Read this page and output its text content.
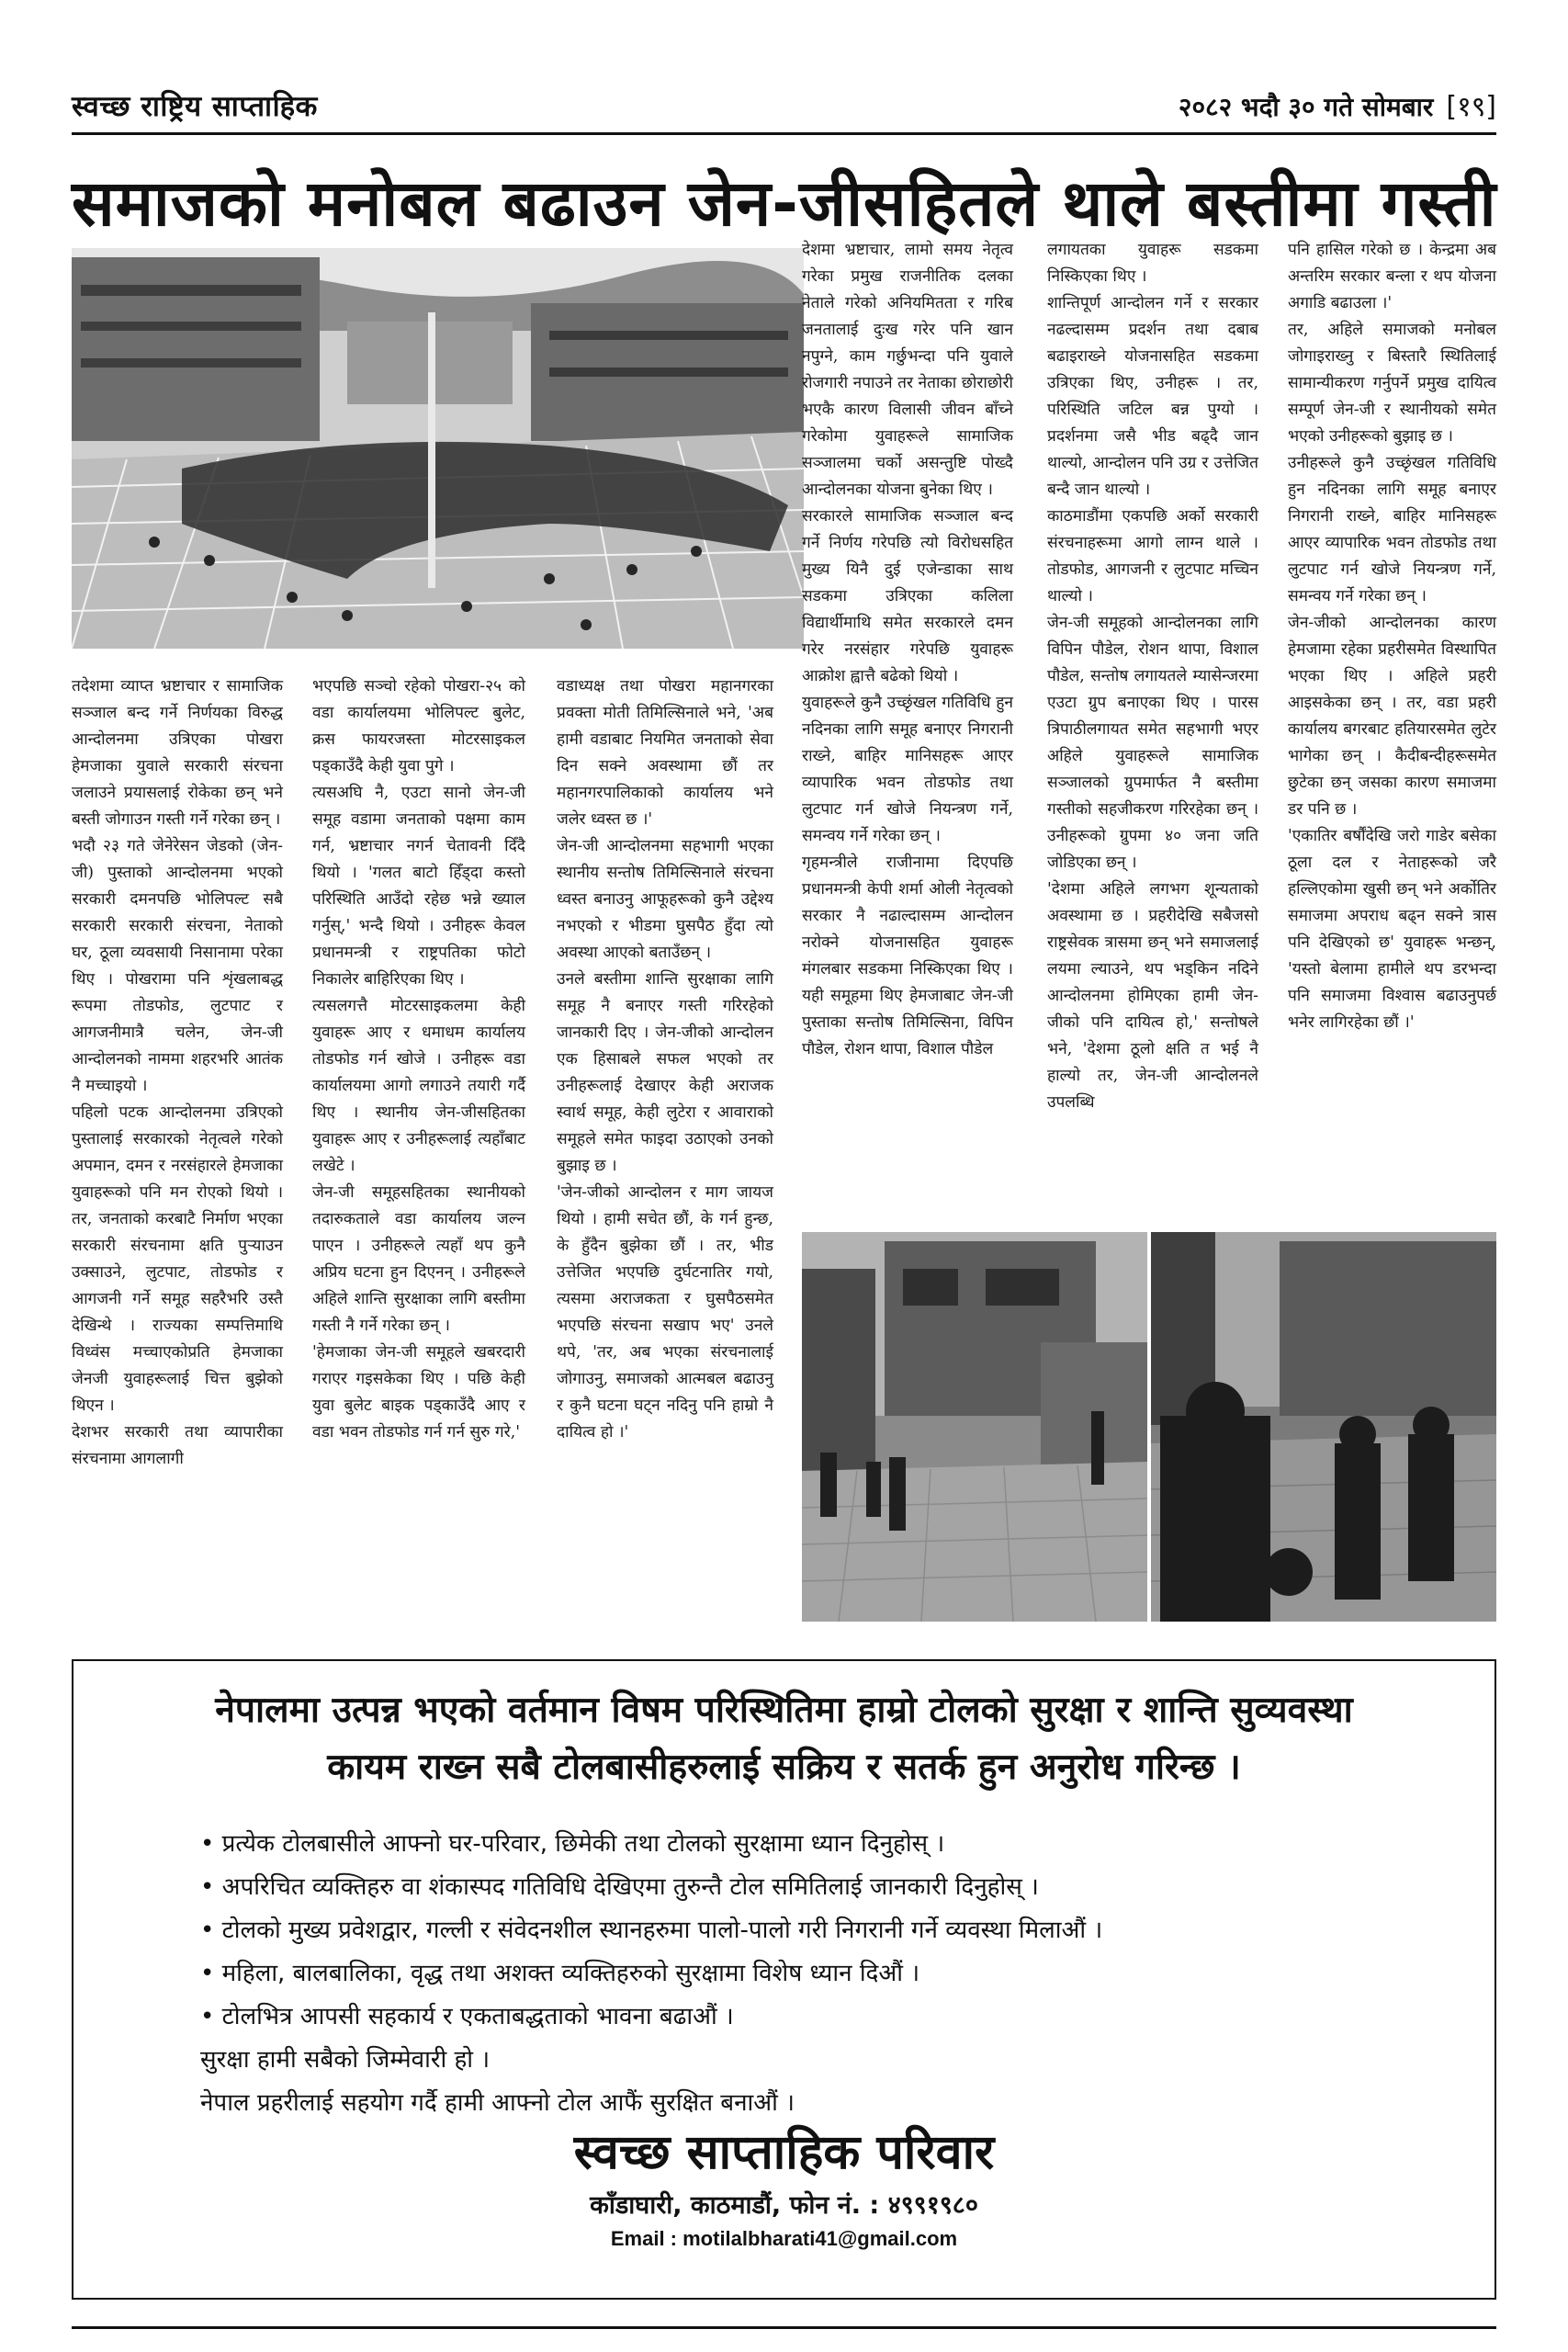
स्वच्छ राष्ट्रिय साप्ताहिक	२०८२ भदौ ३० गते सोमबार [१९]
समाजको मनोबल बढाउन जेन-जीसहितले थाले बस्तीमा गस्ती
तदेशमा व्याप्त भ्रष्टाचार र सामाजिक सञ्जाल बन्द गर्ने निर्णयका विरुद्ध आन्दोलनमा उत्रिएका पोखरा हेमजाका युवाले सरकारी संरचना जलाउने प्रयासलाई रोकेका छन् भने बस्ती जोगाउन गस्ती गर्ने गरेका छन् ।
भदौ २३ गते जेनेरेसन जेडको (जेन-जी) पुस्ताको आन्दोलनमा भएको सरकारी दमनपछि भोलिपल्ट सबै सरकारी सरकारी संरचना, नेताको घर, ठूला व्यवसायी निसानामा परेका थिए । पोखरामा पनि शृंखलाबद्ध रूपमा तोडफोड, लुटपाट र आगजनीमात्रै चलेन, जेन-जी आन्दोलनको नाममा शहरभरि आतंक नै मच्चाइयो ।
पहिलो पटक आन्दोलनमा उत्रिएको पुस्तालाई सरकारको नेतृत्वले गरेको अपमान, दमन र नरसंहारले हेमजाका युवाहरूको पनि मन रोएको थियो । तर, जनताको करबाटै निर्माण भएका सरकारी संरचनामा क्षति पुऱ्याउन उक्साउने, लुटपाट, तोडफोड र आगजनी गर्ने समूह सहरैभरि उस्तै देखिन्थे । राज्यका सम्पत्तिमाथि विध्वंस मच्चाएकोप्रति हेमजाका जेनजी युवाहरूलाई चित्त बुझेको थिएन ।
देशभर सरकारी तथा व्यापारीका संरचनामा आगलागी
भएपछि सञ्चो रहेको पोखरा-२५ को वडा कार्यालयमा भोलिपल्ट बुलेट, क्रस फायरजस्ता मोटरसाइकल पड्काउँदै केही युवा पुगे ।
त्यसअघि नै, एउटा सानो जेन-जी समूह वडामा जनताको पक्षमा काम गर्न, भ्रष्टाचार नगर्न चेतावनी दिँदै थियो । 'गलत बाटो हिँड्दा कस्तो परिस्थिति आउँदो रहेछ भन्ने ख्याल गर्नुस्,' भन्दै थियो । उनीहरू केवल प्रधानमन्त्री र राष्ट्रपतिका फोटो निकालेर बाहिरिएका थिए ।
त्यसलगत्तै मोटरसाइकलमा केही युवाहरू आए र धमाधम कार्यालय तोडफोड गर्न खोजे । उनीहरू वडा कार्यालयमा आगो लगाउने तयारी गर्दै थिए । स्थानीय जेन-जीसहितका युवाहरू आए र उनीहरूलाई त्यहाँबाट लखेटे ।
जेन-जी समूहसहितका स्थानीयको तदारुकताले वडा कार्यालय जल्न पाएन । उनीहरूले त्यहाँ थप कुनै अप्रिय घटना हुन दिएनन् । उनीहरूले अहिले शान्ति सुरक्षाका लागि बस्तीमा गस्ती नै गर्ने गरेका छन् ।
'हेमजाका जेन-जी समूहले खबरदारी गराएर गइसकेका थिए । पछि केही युवा बुलेट बाइक पड्काउँदै आए र वडा भवन तोडफोड गर्न गर्न सुरु गरे,'
वडाध्यक्ष तथा पोखरा महानगरका प्रवक्ता मोती तिमिल्सिनाले भने, 'अब हामी वडाबाट नियमित जनताको सेवा दिन सक्ने अवस्थामा छौं तर महानगरपालिकाको कार्यालय भने जलेर ध्वस्त छ ।'
जेन-जी आन्दोलनमा सहभागी भएका स्थानीय सन्तोष तिमिल्सिनाले संरचना ध्वस्त बनाउनु आफूहरूको कुनै उद्देश्य नभएको र भीडमा घुसपैठ हुँदा त्यो अवस्था आएको बताउँछन् ।
उनले बस्तीमा शान्ति सुरक्षाका लागि समूह नै बनाएर गस्ती गरिरहेको जानकारी दिए । जेन-जीको आन्दोलन एक हिसाबले सफल भएको तर उनीहरूलाई देखाएर केही अराजक स्वार्थ समूह, केही लुटेरा र आवाराको समूहले समेत फाइदा उठाएको उनको बुझाइ छ ।
'जेन-जीको आन्दोलन र माग जायज थियो । हामी सचेत छौं, के गर्न हुन्छ, के हुँदैन बुझेका छौं । तर, भीड उत्तेजित भएपछि दुर्घटनातिर गयो, त्यसमा अराजकता र घुसपैठसमेत भएपछि संरचना सखाप भए' उनले थपे, 'तर, अब भएका संरचनालाई जोगाउनु, समाजको आत्मबल बढाउनु र कुनै घटना घट्न नदिनु पनि हाम्रो नै दायित्व हो ।'
देशमा भ्रष्टाचार, लामो समय नेतृत्व गरेका प्रमुख राजनीतिक दलका नेताले गरेको अनियमितता र गरिब जनतालाई दुःख गरेर पनि खान नपुग्ने, काम गर्छुभन्दा पनि युवाले रोजगारी नपाउने तर नेताका छोराछोरी भएकै कारण विलासी जीवन बाँच्ने गरेकोमा युवाहरूले सामाजिक सञ्जालमा चर्को असन्तुष्टि पोख्दै आन्दोलनका योजना बुनेका थिए ।
सरकारले सामाजिक सञ्जाल बन्द गर्ने निर्णय गरेपछि त्यो विरोधसहित मुख्य यिनै दुई एजेन्डाका साथ सडकमा उत्रिएका कलिला विद्यार्थीमाथि समेत सरकारले दमन गरेर नरसंहार गरेपछि युवाहरू आक्रोश ह्वात्तै बढेको थियो ।
युवाहरूले कुनै उच्छृंखल गतिविधि हुन नदिनका लागि समूह बनाएर निगरानी राख्ने, बाहिर मानिसहरू आएर व्यापारिक भवन तोडफोड तथा लुटपाट गर्न खोजे नियन्त्रण गर्ने, समन्वय गर्ने गरेका छन् ।
गृहमन्त्रीले राजीनामा दिएपछि प्रधानमन्त्री केपी शर्मा ओली नेतृत्वको सरकार नै नढाल्दासम्म आन्दोलन नरोक्ने योजनासहित युवाहरू मंगलबार सडकमा निस्किएका थिए । यही समूहमा थिए हेमजाबाट जेन-जी पुस्ताका सन्तोष तिमिल्सिना, विपिन पौडेल, रोशन थापा, विशाल पौडेल
लगायतका युवाहरू सडकमा निस्किएका थिए ।
शान्तिपूर्ण आन्दोलन गर्ने र सरकार नढल्दासम्म प्रदर्शन तथा दबाब बढाइराख्ने योजनासहित सडकमा उत्रिएका थिए, उनीहरू । तर, परिस्थिति जटिल बन्न पुग्यो । प्रदर्शनमा जसै भीड बढ्दै जान थाल्यो, आन्दोलन पनि उग्र र उत्तेजित बन्दै जान थाल्यो ।
काठमाडौंमा एकपछि अर्को सरकारी संरचनाहरूमा आगो लाग्न थाले । तोडफोड, आगजनी र लुटपाट मच्चिन थाल्यो ।
जेन-जी समूहको आन्दोलनका लागि विपिन पौडेल, रोशन थापा, विशाल पौडेल, सन्तोष लगायतले म्यासेन्जरमा एउटा ग्रुप बनाएका थिए । पारस त्रिपाठीलगायत समेत सहभागी भएर अहिले युवाहरूले सामाजिक सञ्जालको ग्रुपमार्फत नै बस्तीमा गस्तीको सहजीकरण गरिरहेका छन् । उनीहरूको ग्रुपमा ४० जना जति जोडिएका छन् ।
'देशमा अहिले लगभग शून्यताको अवस्थामा छ । प्रहरीदेखि सबैजसो राष्ट्रसेवक त्रासमा छन् भने समाजलाई लयमा ल्याउने, थप भड्किन नदिने आन्दोलनमा होमिएका हामी जेन-जीको पनि दायित्व हो,' सन्तोषले भने, 'देशमा ठूलो क्षति त भई नै हाल्यो तर, जेन-जी आन्दोलनले उपलब्धि
पनि हासिल गरेको छ । केन्द्रमा अब अन्तरिम सरकार बन्ला र थप योजना अगाडि बढाउला ।'
तर, अहिले समाजको मनोबल जोगाइराख्नु र बिस्तारै स्थितिलाई सामान्यीकरण गर्नुपर्ने प्रमुख दायित्व सम्पूर्ण जेन-जी र स्थानीयको समेत भएको उनीहरूको बुझाइ छ ।
उनीहरूले कुनै उच्छृंखल गतिविधि हुन नदिनका लागि समूह बनाएर निगरानी राख्ने, बाहिर मानिसहरू आएर व्यापारिक भवन तोडफोड तथा लुटपाट गर्न खोजे नियन्त्रण गर्ने, समन्वय गर्ने गरेका छन् ।
जेन-जीको आन्दोलनका कारण हेमजामा रहेका प्रहरीसमेत विस्थापित भएका थिए । अहिले प्रहरी आइसकेका छन् । तर, वडा प्रहरी कार्यालय बगरबाट हतियारसमेत लुटेर भागेका छन् । कैदीबन्दीहरूसमेत छुटेका छन् जसका कारण समाजमा डर पनि छ ।
'एकातिर बर्षौंदेखि जरो गाडेर बसेका ठूला दल र नेताहरूको जरै हल्लिएकोमा खुसी छन् भने अर्कोतिर समाजमा अपराध बढ्न सक्ने त्रास पनि देखिएको छ' युवाहरू भन्छन्, 'यस्तो बेलामा हामीले थप डरभन्दा पनि समाजमा विश्वास बढाउनुपर्छ भनेर लागिरहेका छौं ।'
नेपालमा उत्पन्न भएको वर्तमान विषम परिस्थितिमा हाम्रो टोलको सुरक्षा र शान्ति सुव्यवस्था
कायम राख्न सबै टोलबासीहरुलाई सक्रिय र सतर्क हुन अनुरोध गरिन्छ ।
• प्रत्येक टोलबासीले आफ्नो घर-परिवार, छिमेकी तथा टोलको सुरक्षामा ध्यान दिनुहोस् ।
• अपरिचित व्यक्तिहरु वा शंकास्पद गतिविधि देखिएमा तुरुन्तै टोल समितिलाई जानकारी दिनुहोस् ।
• टोलको मुख्य प्रवेशद्वार, गल्ली र संवेदनशील स्थानहरुमा पालो-पालो गरी निगरानी गर्ने व्यवस्था मिलाऔं ।
• महिला, बालबालिका, वृद्ध तथा अशक्त व्यक्तिहरुको सुरक्षामा विशेष ध्यान दिऔं ।
• टोलभित्र आपसी सहकार्य र एकताबद्धताको भावना बढाऔं ।
सुरक्षा हामी सबैको जिम्मेवारी हो ।
नेपाल प्रहरीलाई सहयोग गर्दै हामी आफ्नो टोल आफैं सुरक्षित बनाऔं ।
स्वच्छ साप्ताहिक परिवार
काँडाघारी, काठमाडौं, फोन नं. : ४९९१९८०
Email : motilalbharati41@gmail.com
